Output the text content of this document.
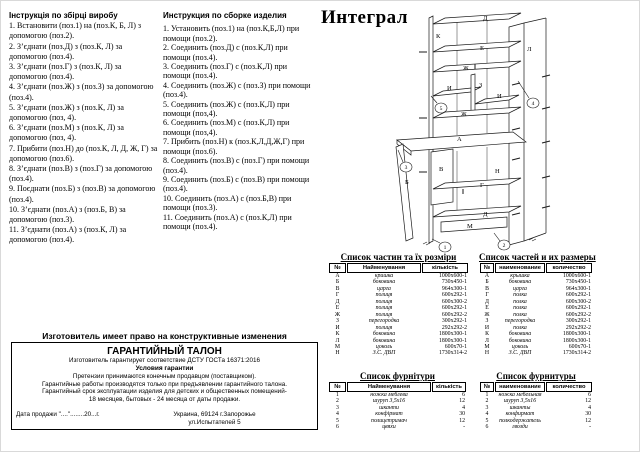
Інструкція по збірці виробу

1. Встановити (поз.1) на (поз.К, Б, Л) з допомогою (поз.2).

2. З’єднати (поз.Д) з (поз.К, Л) за допомогою (поз.4).

3. З’єднати (поз.Г) з (поз.К, Л) за допомогою (поз.4).

4. З’єднати (поз.Ж) з (поз.З) за допомогою (поз.4).

5. З’єднати (поз.Ж) з (поз.К, Л) за допомогою (поз, 4).

6. З’єднати (поз.М) з (поз.К, Л) за допомогою (поз, 4).

7. Прибити (поз.Н) до (поз.К, Л, Д, Ж, Г) за допомогою (поз.6).

8. З’єднати (поз.В) з (поз.Г) за допомогою (поз.4).

9. Поєднати (поз.Б) з (поз.В) за допомогою (поз.4).

10. З’єднати (поз.А) з (поз.Б, В) за допомогою (поз.3).

11. З’єднати (поз.А) з (поз.К, Л) за допомогою (поз.4).

Инструкция по сборке изделия

1. Установить (поз.1) на (поз.К,Б,Л) при помощи (поз.2).

2. Соединить (поз.Д) с (поз.К,Л) при помощи (поз.4).

3. Соединить (поз.Г) с (поз.К,Л) при помощи (поз.4).

4. Соединить (поз.Ж) с (поз.З) при помощи (поз.4).

5. Соединить (поз.Ж) с (поз.К,Л) при помощи (поз,4).

6. Соединить (поз.М) с (поз.К,Л) при помощи (поз,4).

7. Прибить (поз.Н) к (поз.К,Л,Д,Ж,Г) при помощи (поз.6).

8. Соединить (поз.В) с (поз.Г) при помощи (поз.4).

9. Соединить (поз.Б) с (поз.В) при помощи (поз.4).

10. Соединить (поз.А) с (поз.Б,В) при помощи (поз.3).

11. Соединить (поз.А) с (поз.К,Л) при помощи (поз.4).

Интеграл
К
Л
Д
Е
Ж
И	З
И
Ж
А
Б
В	Н
Г
Д
М
5
4
3
1	2
Список частин та їх розміри
№	Найменування	кількість
А	кришка	1000х600-1
Б	боковина	730х450-1
В	царга	964х300-1
Г	полиця	600х292-1
Д	полиця	600х300-2
Е	полиця	600х292-1
Ж	полиця	600х292-2
З	перегородка	300х292-1
И	полиця	292х292-2
К	боковина	1800х300-1
Л	боковина	1800х300-1
М	цоколь	600х70-1
Н	З.С. ДВП	1730х314-2
Список частей и их размеры
№	наименование	количество
А	крышка	1000х600-1
Б	боковина	730х450-1
В	царга	964х300-1
Г	полка	600х292-1
Д	полка	600х300-2
Е	полка	600х292-1
Ж	полка	600х292-2
З	перегородка	300х292-1
И	полка	292х292-2
К	боковина	1800х300-1
Л	боковина	1800х300-1
М	цоколь	600х70-1
Н	З.С. ДВП	1730х314-2
Список фурнітури
№	Найменування	кількість
1	ножка меблева	6
2	шуруп 3,5х16	12
3	шканти	4
4	конфірмат	30
5	полицетримач	12
6	цвяхи	-
Список фурнитуры
№	наименование	количество
1	ножка мебельная	6
2	шуруп 3,5х16	12
3	шканты	4
4	конфирмат	30
5	полкодержатель	12
6	гвозди	-
Изготовитель имеет право на конструктивные изменения
ГАРАНТИЙНЫЙ ТАЛОН
Изготовитель гарантирует соответствие ДСТУ ГОСТа 16371:2016
Условия гарантии
Претензии принимаются конечным продавцом (поставщиком).
Гарантийные работы производятся только при предъявлении гарантийного талона.
Гарантийный срок эксплуатации изделия для детских и общественных помещений-
18 месяцев, бытовых - 24 месяца от даты продажи.
Дата продажи "...."........20...г.	Украина, 69124 г.Запорожье
ул.Испытателей 5
